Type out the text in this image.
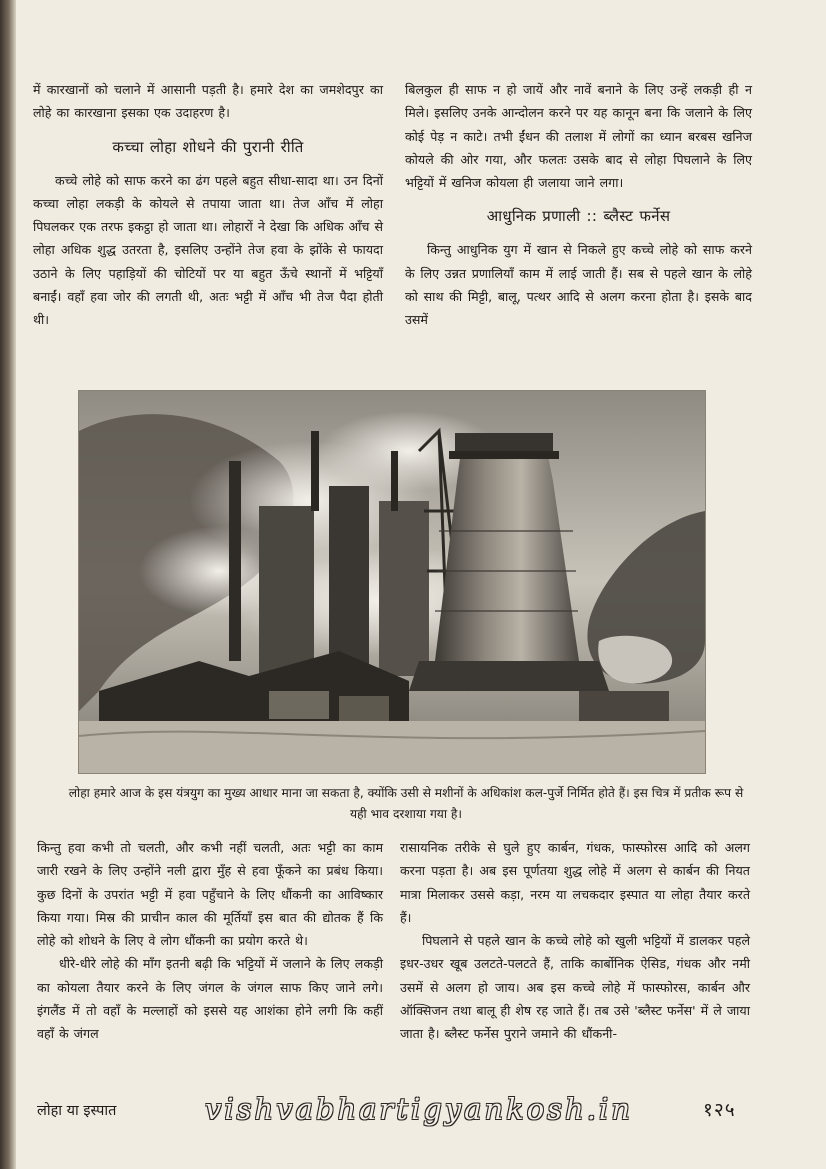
में कारखानों को चलाने में आसानी पड़ती है। हमारे देश का जमशेदपुर का लोहे का कारखाना इसका एक उदाहरण है।

कच्चा लोहा शोधने की पुरानी रीति

कच्चे लोहे को साफ करने का ढंग पहले बहुत सीधा-सादा था। उन दिनों कच्चा लोहा लकड़ी के कोयले से तपाया जाता था। तेज आँच में लोहा पिघलकर एक तरफ इकट्ठा हो जाता था। लोहारों ने देखा कि अधिक आँच से लोहा अधिक शुद्ध उतरता है, इसलिए उन्होंने तेज हवा के झोंके से फायदा उठाने के लिए पहाड़ियों की चोटियों पर या बहुत ऊँचे स्थानों में भट्टियाँ बनाईं। वहाँ हवा जोर की लगती थी, अतः भट्टी में आँच भी तेज पैदा होती थी।

बिलकुल ही साफ न हो जायें और नावें बनाने के लिए उन्हें लकड़ी ही न मिले। इसलिए उनके आन्दोलन करने पर यह कानून बना कि जलाने के लिए कोई पेड़ न काटे। तभी ईंधन की तलाश में लोगों का ध्यान बरबस खनिज कोयले की ओर गया, और फलतः उसके बाद से लोहा पिघलाने के लिए भट्टियों में खनिज कोयला ही जलाया जाने लगा।

आधुनिक प्रणाली :: ब्लैस्ट फर्नेस

किन्तु आधुनिक युग में खान से निकले हुए कच्चे लोहे को साफ करने के लिए उन्नत प्रणालियाँ काम में लाई जाती हैं। सब से पहले खान के लोहे को साथ की मिट्टी, बालू, पत्थर आदि से अलग करना होता है। इसके बाद उसमें

लोहा हमारे आज के इस यंत्रयुग का मुख्य आधार माना जा सकता है, क्योंकि उसी से मशीनों के अधिकांश कल-पुर्जे निर्मित होते हैं। इस चित्र में प्रतीक रूप से यही भाव दरशाया गया है।

किन्तु हवा कभी तो चलती, और कभी नहीं चलती, अतः भट्टी का काम जारी रखने के लिए उन्होंने नली द्वारा मुँह से हवा फूँकने का प्रबंध किया। कुछ दिनों के उपरांत भट्टी में हवा पहुँचाने के लिए धौंकनी का आविष्कार किया गया। मिस्र की प्राचीन काल की मूर्तियाँ इस बात की द्योतक हैं कि लोहे को शोधने के लिए वे लोग धौंकनी का प्रयोग करते थे।

धीरे-धीरे लोहे की माँग इतनी बढ़ी कि भट्टियों में जलाने के लिए लकड़ी का कोयला तैयार करने के लिए जंगल के जंगल साफ किए जाने लगे। इंगलैंड में तो वहाँ के मल्लाहों को इससे यह आशंका होने लगी कि कहीं वहाँ के जंगल

रासायनिक तरीके से घुले हुए कार्बन, गंधक, फास्फोरस आदि को अलग करना पड़ता है। अब इस पूर्णतया शुद्ध लोहे में अलग से कार्बन की नियत मात्रा मिलाकर उससे कड़ा, नरम या लचकदार इस्पात या लोहा तैयार करते हैं।

पिघलाने से पहले खान के कच्चे लोहे को खुली भट्टियों में डालकर पहले इधर-उधर खूब उलटते-पलटते हैं, ताकि कार्बोनिक ऐसिड, गंधक और नमी उसमें से अलग हो जाय। अब इस कच्चे लोहे में फास्फोरस, कार्बन और ऑक्सिजन तथा बालू ही शेष रह जाते हैं। तब उसे 'ब्लैस्ट फर्नेस' में ले जाया जाता है। ब्लैस्ट फर्नेस पुराने जमाने की धौंकनी-

लोहा या इस्पात	vishvabhartigyankosh.in	१२५
